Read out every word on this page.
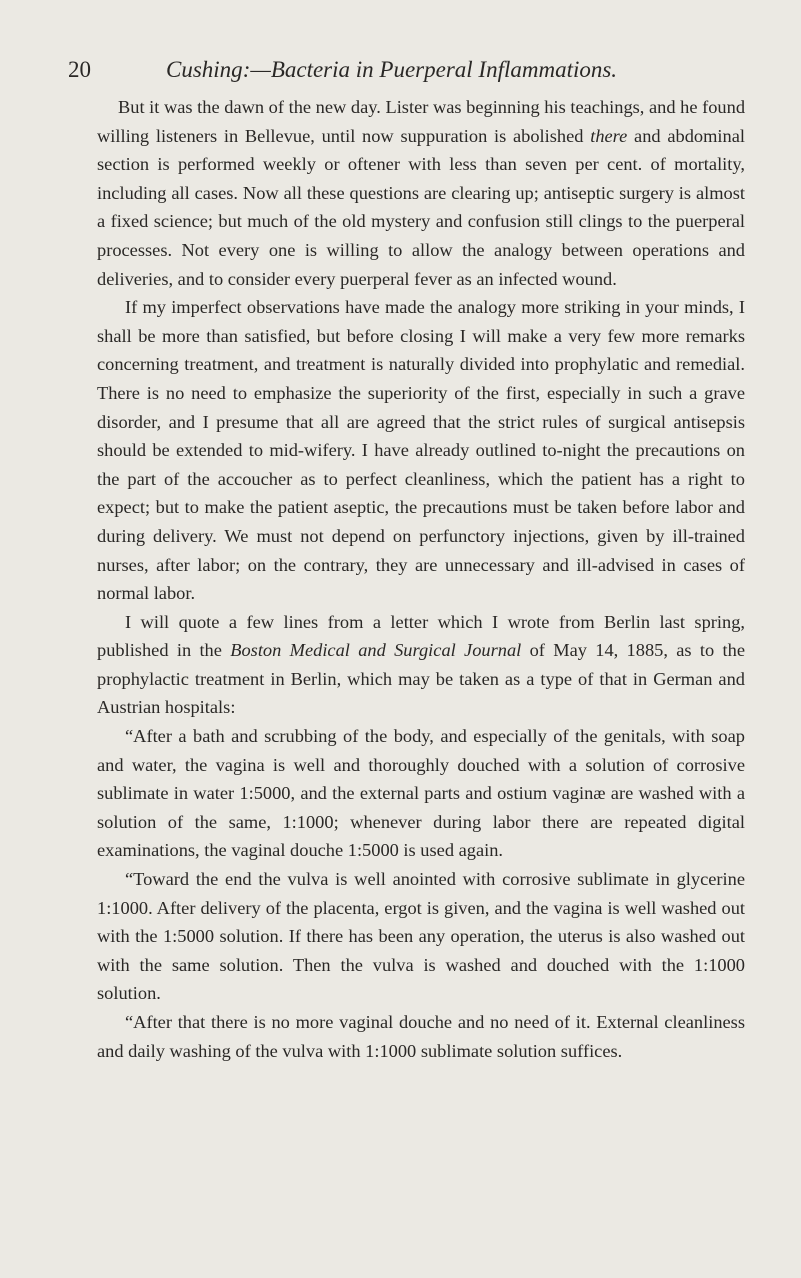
20	Cushing:—Bacteria in Puerperal Inflammations.

But it was the dawn of the new day. Lister was beginning his teachings, and he found willing listeners in Bellevue, until now suppuration is abolished there and abdominal section is performed weekly or oftener with less than seven per cent. of mortality, including all cases. Now all these questions are clearing up; antiseptic surgery is almost a fixed science; but much of the old mystery and confusion still clings to the puerperal processes. Not every one is willing to allow the analogy between operations and deliveries, and to consider every puerperal fever as an infected wound.

If my imperfect observations have made the analogy more striking in your minds, I shall be more than satisfied, but before closing I will make a very few more remarks concerning treatment, and treatment is naturally divided into prophylatic and remedial. There is no need to emphasize the superiority of the first, especially in such a grave disorder, and I presume that all are agreed that the strict rules of surgical antisepsis should be extended to mid-wifery. I have already outlined to-night the precautions on the part of the accoucher as to perfect cleanliness, which the patient has a right to expect; but to make the patient aseptic, the precautions must be taken before labor and during delivery. We must not depend on perfunctory injections, given by ill-trained nurses, after labor; on the contrary, they are unnecessary and ill-advised in cases of normal labor.

I will quote a few lines from a letter which I wrote from Berlin last spring, published in the Boston Medical and Surgical Journal of May 14, 1885, as to the prophylactic treatment in Berlin, which may be taken as a type of that in German and Austrian hospitals:

“After a bath and scrubbing of the body, and especially of the genitals, with soap and water, the vagina is well and thoroughly douched with a solution of corrosive sublimate in water 1:5000, and the external parts and ostium vaginæ are washed with a solution of the same, 1:1000; whenever during labor there are repeated digital examinations, the vaginal douche 1:5000 is used again.

“Toward the end the vulva is well anointed with corrosive sublimate in glycerine 1:1000. After delivery of the placenta, ergot is given, and the vagina is well washed out with the 1:5000 solution. If there has been any operation, the uterus is also washed out with the same solution. Then the vulva is washed and douched with the 1:1000 solution.

“After that there is no more vaginal douche and no need of it. External cleanliness and daily washing of the vulva with 1:1000 sublimate solution suffices.
